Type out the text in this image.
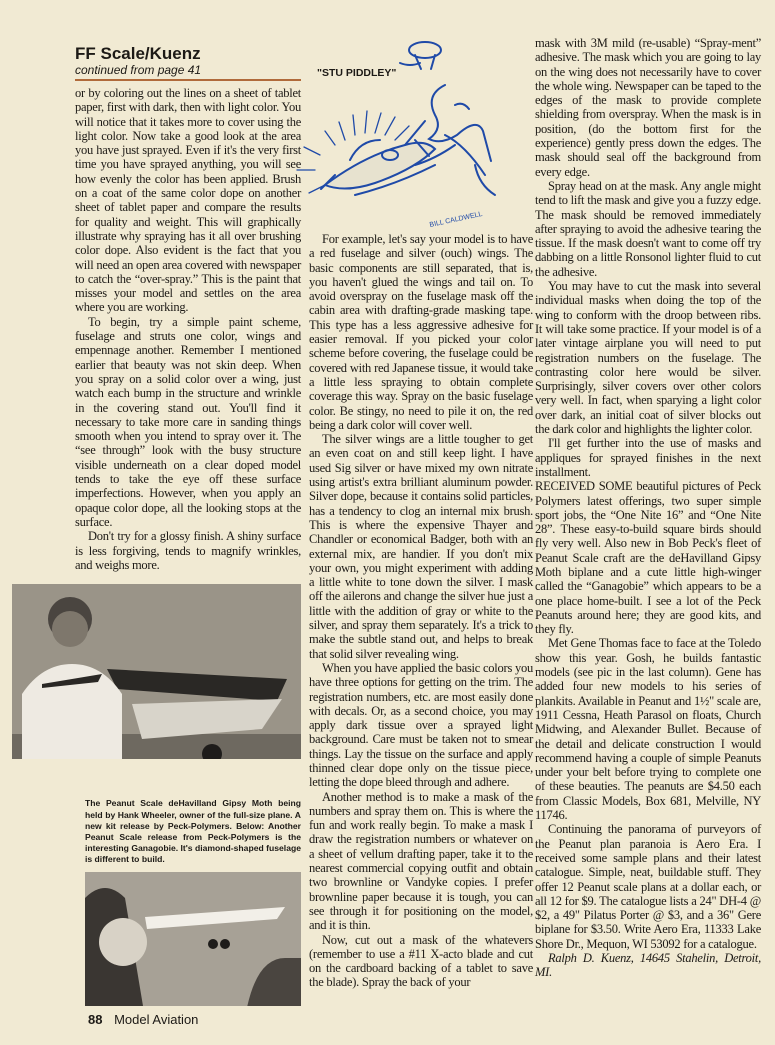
FF Scale/Kuenz
continued from page 41
BILL CALDWELL
"STU PIDDLEY"

or by coloring out the lines on a sheet of tablet paper, first with dark, then with light color. You will notice that it takes more to cover using the light color. Now take a good look at the area you have just sprayed. Even if it's the very first time you have sprayed anything, you will see how evenly the color has been applied. Brush on a coat of the same color dope on another sheet of tablet paper and compare the results for quality and weight. This will graphically illustrate why spraying has it all over brushing color dope. Also evident is the fact that you will need an open area covered with newspaper to catch the “over-spray.” This is the paint that misses your model and settles on the area where you are working.

To begin, try a simple paint scheme, fuselage and struts one color, wings and empennage another. Remember I mentioned earlier that beauty was not skin deep. When you spray on a solid color over a wing, just watch each bump in the structure and wrinkle in the covering stand out. You'll find it necessary to take more care in sanding things smooth when you intend to spray over it. The “see through” look with the busy structure visible underneath on a clear doped model tends to take the eye off these surface imperfections. However, when you apply an opaque color dope, all the looking stops at the surface.

Don't try for a glossy finish. A shiny surface is less forgiving, tends to magnify wrinkles, and weighs more.

The Peanut Scale deHavilland Gipsy Moth being held by Hank Wheeler, owner of the full-size plane. A new kit release by Peck-Polymers. Below: Another Peanut Scale release from Peck-Polymers is the interesting Ganagobie. It's diamond-shaped fuselage is different to build.

For example, let's say your model is to have a red fuselage and silver (ouch) wings. The basic components are still separated, that is, you haven't glued the wings and tail on. To avoid overspray on the fuselage mask off the cabin area with drafting-grade masking tape. This type has a less aggressive adhesive for easier removal. If you picked your color scheme before covering, the fuselage could be covered with red Japanese tissue, it would take a little less spraying to obtain complete coverage this way. Spray on the basic fuselage color. Be stingy, no need to pile it on, the red being a dark color will cover well.

The silver wings are a little tougher to get an even coat on and still keep light. I have used Sig silver or have mixed my own nitrate using artist's extra brilliant aluminum powder. Silver dope, because it contains solid particles, has a tendency to clog an internal mix brush. This is where the expensive Thayer and Chandler or economical Badger, both with an external mix, are handier. If you don't mix your own, you might experiment with adding a little white to tone down the silver. I mask off the ailerons and change the silver hue just a little with the addition of gray or white to the silver, and spray them separately. It's a trick to make the subtle stand out, and helps to break that solid silver revealing wing.

When you have applied the basic colors you have three options for getting on the trim. The registration numbers, etc. are most easily done with decals. Or, as a second choice, you may apply dark tissue over a sprayed light background. Care must be taken not to smear things. Lay the tissue on the surface and apply thinned clear dope only on the tissue piece, letting the dope bleed through and adhere.

Another method is to make a mask of the numbers and spray them on. This is where the fun and work really begin. To make a mask I draw the registration numbers or whatever on a sheet of vellum drafting paper, take it to the nearest commercial copying outfit and obtain two brownline or Vandyke copies. I prefer brownline paper because it is tough, you can see through it for positioning on the model, and it is thin.

Now, cut out a mask of the whatevers (remember to use a #11 X-acto blade and cut on the cardboard backing of a tablet to save the blade). Spray the back of your

mask with 3M mild (re-usable) “Spray-ment” adhesive. The mask which you are going to lay on the wing does not necessarily have to cover the whole wing. Newspaper can be taped to the edges of the mask to provide complete shielding from overspray. When the mask is in position, (do the bottom first for the experience) gently press down the edges. The mask should seal off the background from every edge.

Spray head on at the mask. Any angle might tend to lift the mask and give you a fuzzy edge. The mask should be removed immediately after spraying to avoid the adhesive tearing the tissue. If the mask doesn't want to come off try dabbing on a little Ronsonol lighter fluid to cut the adhesive.

You may have to cut the mask into several individual masks when doing the top of the wing to conform with the droop between ribs. It will take some practice. If your model is of a later vintage airplane you will need to put registration numbers on the fuselage. The contrasting color here would be silver. Surprisingly, silver covers over other colors very well. In fact, when sparying a light color over dark, an initial coat of silver blocks out the dark color and highlights the lighter color.

I'll get further into the use of masks and appliques for sprayed finishes in the next installment.

RECEIVED SOME beautiful pictures of Peck Polymers latest offerings, two super simple sport jobs, the “One Nite 16” and “One Nite 28”. These easy-to-build square birds should fly very well. Also new in Bob Peck's fleet of Peanut Scale craft are the deHavilland Gipsy Moth biplane and a cute little high-winger called the “Ganagobie” which appears to be a one place home-built. I see a lot of the Peck Peanuts around here; they are good kits, and they fly.

Met Gene Thomas face to face at the Toledo show this year. Gosh, he builds fantastic models (see pic in the last column). Gene has added four new models to his series of plankits. Available in Peanut and 1½" scale are, 1911 Cessna, Heath Parasol on floats, Church Midwing, and Alexander Bullet. Because of the detail and delicate construction I would recommend having a couple of simple Peanuts under your belt before trying to complete one of these beauties. The peanuts are $4.50 each from Classic Models, Box 681, Melville, NY 11746.

Continuing the panorama of purveyors of the Peanut plan paranoia is Aero Era. I received some sample plans and their latest catalogue. Simple, neat, buildable stuff. They offer 12 Peanut scale plans at a dollar each, or all 12 for $9. The catalogue lists a 24" DH-4 @ $2, a 49" Pilatus Porter @ $3, and a 36" Gere biplane for $3.50. Write Aero Era, 11333 Lake Shore Dr., Mequon, WI 53092 for a catalogue.

Ralph D. Kuenz, 14645 Stahelin, Detroit, MI.

88 Model Aviation
